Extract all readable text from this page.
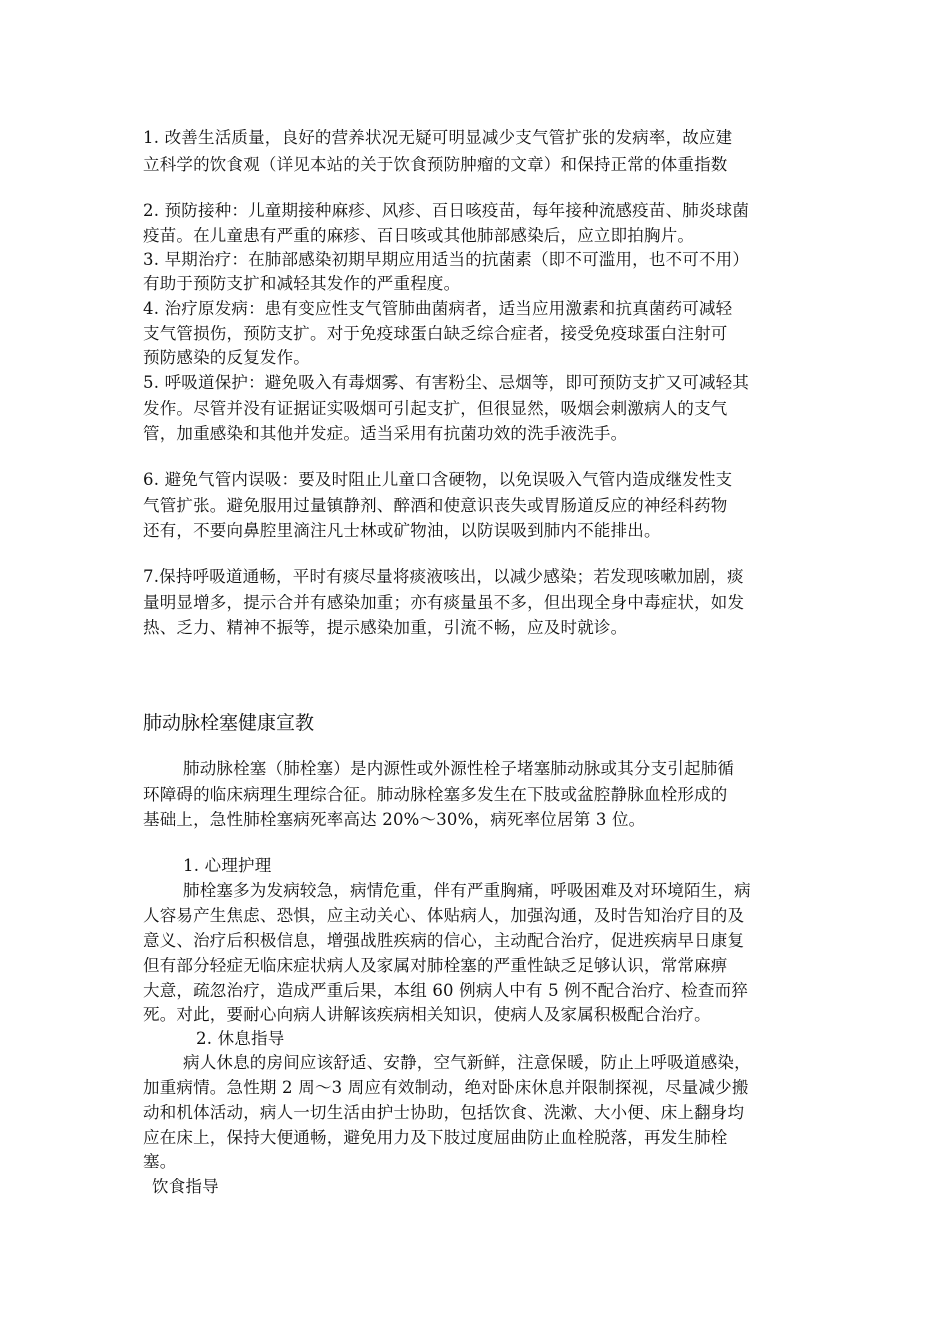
1. 改善生活质量，良好的营养状况无疑可明显减少支气管扩张的发病率，故应建
立科学的饮食观（详见本站的关于饮食预防肿瘤的文章）和保持正常的体重指数
2. 预防接种：儿童期接种麻疹、风疹、百日咳疫苗，每年接种流感疫苗、肺炎球菌
疫苗。在儿童患有严重的麻疹、百日咳或其他肺部感染后，应立即拍胸片。
3. 早期治疗：在肺部感染初期早期应用适当的抗菌素（即不可滥用，也不可不用）
有助于预防支扩和减轻其发作的严重程度。
4. 治疗原发病：患有变应性支气管肺曲菌病者，适当应用激素和抗真菌药可减轻
支气管损伤，预防支扩。对于免疫球蛋白缺乏综合症者，接受免疫球蛋白注射可
预防感染的反复发作。
5. 呼吸道保护：避免吸入有毒烟雾、有害粉尘、忌烟等，即可预防支扩又可减轻其
发作。尽管并没有证据证实吸烟可引起支扩，但很显然，吸烟会刺激病人的支气
管，加重感染和其他并发症。适当采用有抗菌功效的洗手液洗手。
6. 避免气管内误吸：要及时阻止儿童口含硬物，以免误吸入气管内造成继发性支
气管扩张。避免服用过量镇静剂、醉酒和使意识丧失或胃肠道反应的神经科药物
还有，不要向鼻腔里滴注凡士林或矿物油，以防误吸到肺内不能排出。
7.保持呼吸道通畅，平时有痰尽量将痰液咳出，以减少感染；若发现咳嗽加剧，痰
量明显增多，提示合并有感染加重；亦有痰量虽不多，但出现全身中毒症状，如发
热、乏力、精神不振等，提示感染加重，引流不畅，应及时就诊。
肺动脉栓塞健康宣教
肺动脉栓塞（肺栓塞）是内源性或外源性栓子堵塞肺动脉或其分支引起肺循
环障碍的临床病理生理综合征。肺动脉栓塞多发生在下肢或盆腔静脉血栓形成的
基础上，急性肺栓塞病死率高达 20%～30%，病死率位居第 3 位。
1. 心理护理
肺栓塞多为发病较急，病情危重，伴有严重胸痛，呼吸困难及对环境陌生，病
人容易产生焦虑、恐惧，应主动关心、体贴病人，加强沟通，及时告知治疗目的及
意义、治疗后积极信息，增强战胜疾病的信心，主动配合治疗，促进疾病早日康复
但有部分轻症无临床症状病人及家属对肺栓塞的严重性缺乏足够认识，常常麻痹
大意，疏忽治疗，造成严重后果，本组 60 例病人中有 5 例不配合治疗、检查而猝
死。对此，要耐心向病人讲解该疾病相关知识，使病人及家属积极配合治疗。
2. 休息指导
病人休息的房间应该舒适、安静，空气新鲜，注意保暖，防止上呼吸道感染，
加重病情。急性期 2 周～3 周应有效制动，绝对卧床休息并限制探视，尽量减少搬
动和机体活动，病人一切生活由护士协助，包括饮食、洗漱、大小便、床上翻身均
应在床上，保持大便通畅，避免用力及下肢过度屈曲防止血栓脱落，再发生肺栓
塞。
饮食指导
